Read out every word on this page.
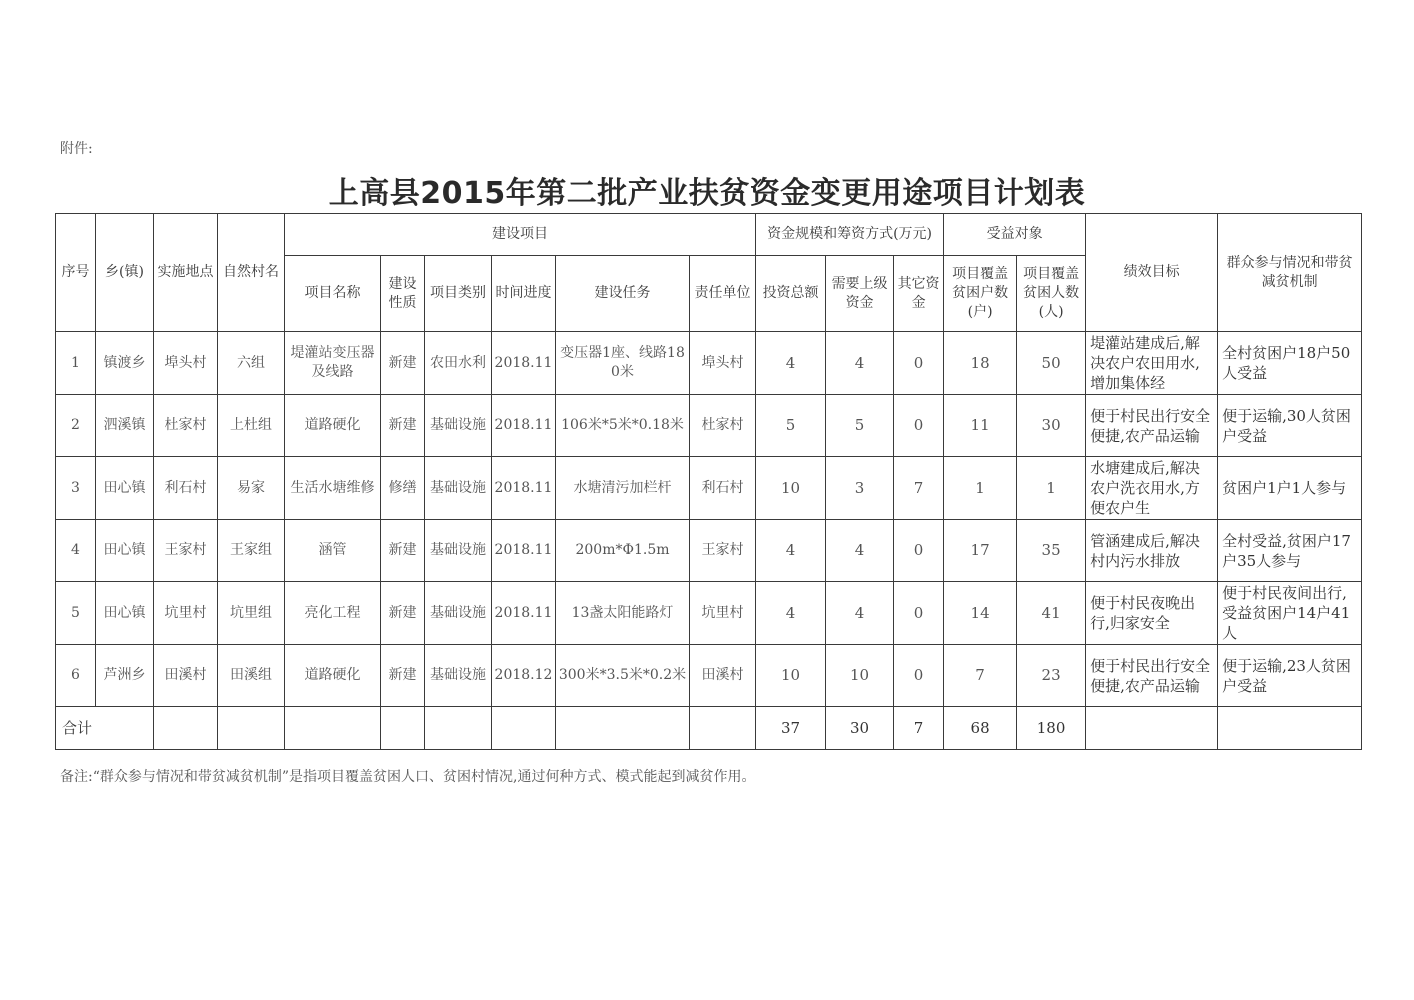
附件:
上高县2015年第二批产业扶贫资金变更用途项目计划表
序号	乡(镇)	实施地点	自然村名	建设项目						资金规模和筹资方式(万元)			受益对象		绩效目标	群众参与情况和带贫减贫机制
				项目名称	建设性质	项目类别	时间进度	建设任务	责任单位	投资总额	需要上级资金	其它资金	项目覆盖贫困户数(户)	项目覆盖贫困人数(人)		
1	镇渡乡	埠头村	六组	堤灌站变压器及线路	新建	农田水利	2018.11	变压器1座、线路180米	埠头村	4	4	0	18	50	堤灌站建成后,解决农户农田用水,增加集体经	全村贫困户18户50人受益
2	泗溪镇	杜家村	上杜组	道路硬化	新建	基础设施	2018.11	106米*5米*0.18米	杜家村	5	5	0	11	30	便于村民出行安全便捷,农产品运输	便于运输,30人贫困户受益
3	田心镇	利石村	易家	生活水塘维修	修缮	基础设施	2018.11	水塘清污加栏杆	利石村	10	3	7	1	1	水塘建成后,解决农户洗衣用水,方便农户生	贫困户1户1人参与
4	田心镇	王家村	王家组	涵管	新建	基础设施	2018.11	200m*Φ1.5m	王家村	4	4	0	17	35	管涵建成后,解决村内污水排放	全村受益,贫困户17户35人参与
5	田心镇	坑里村	坑里组	亮化工程	新建	基础设施	2018.11	13盏太阳能路灯	坑里村	4	4	0	14	41	便于村民夜晚出行,归家安全	便于村民夜间出行,受益贫困户14户41人
6	芦洲乡	田溪村	田溪组	道路硬化	新建	基础设施	2018.12	300米*3.5米*0.2米	田溪村	10	10	0	7	23	便于村民出行安全便捷,农产品运输	便于运输,23人贫困户受益
合计										37	30	7	68	180		
备注:“群众参与情况和带贫减贫机制”是指项目覆盖贫困人口、贫困村情况,通过何种方式、模式能起到减贫作用。
